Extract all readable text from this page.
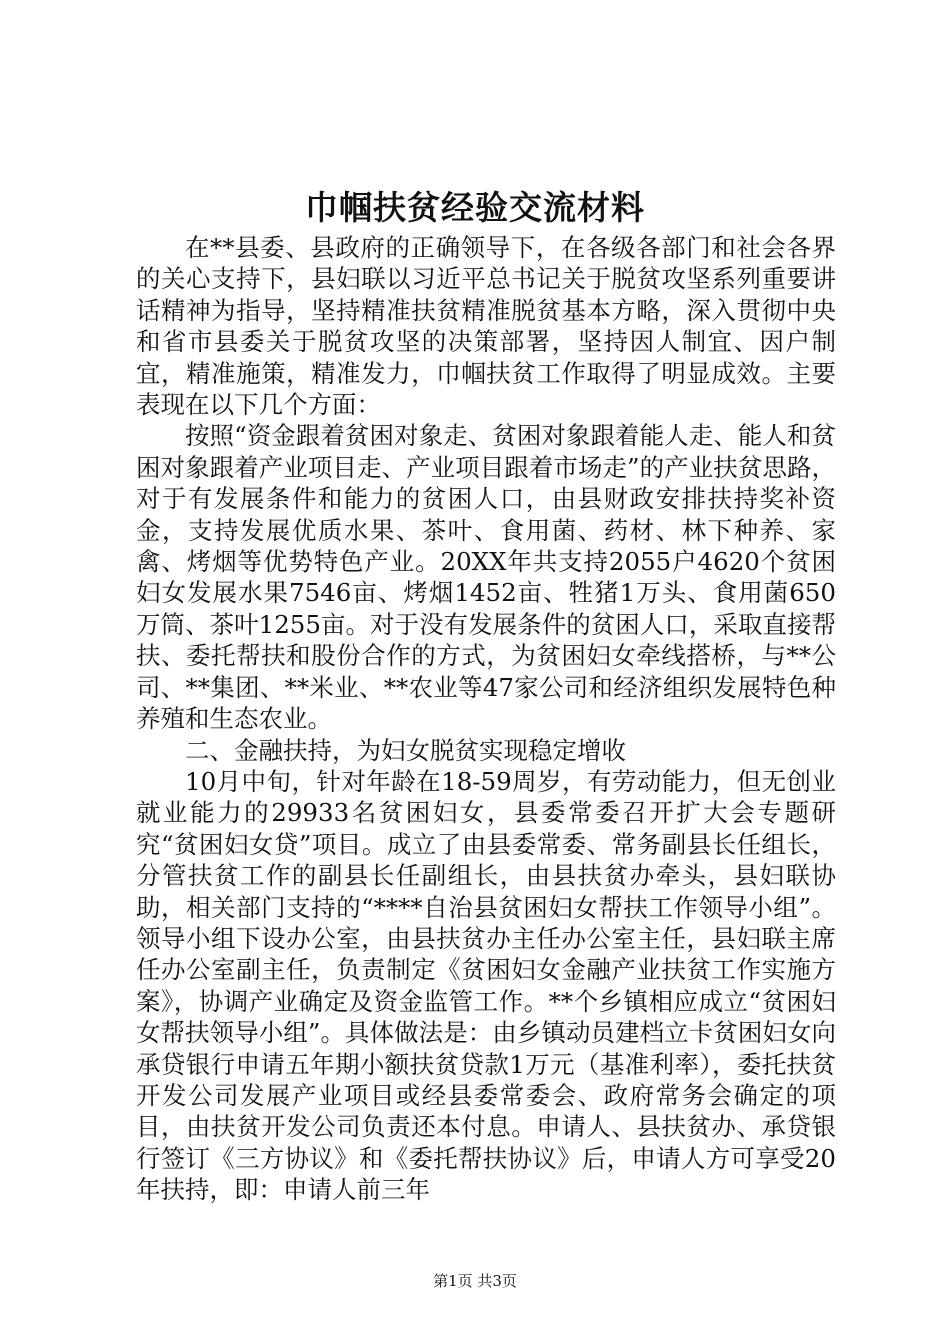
巾帼扶贫经验交流材料

在**县委、县政府的正确领导下，在各级各部门和社会各界的关心支持下，县妇联以习近平总书记关于脱贫攻坚系列重要讲话精神为指导，坚持精准扶贫精准脱贫基本方略，深入贯彻中央和省市县委关于脱贫攻坚的决策部署，坚持因人制宜、因户制宜，精准施策，精准发力，巾帼扶贫工作取得了明显成效。主要表现在以下几个方面：

按照“资金跟着贫困对象走、贫困对象跟着能人走、能人和贫困对象跟着产业项目走、产业项目跟着市场走”的产业扶贫思路，对于有发展条件和能力的贫困人口，由县财政安排扶持奖补资金，支持发展优质水果、茶叶、食用菌、药材、林下种养、家禽、烤烟等优势特色产业。20XX年共支持2055户4620个贫困妇女发展水果7546亩、烤烟1452亩、牲猪1万头、食用菌650万筒、茶叶1255亩。对于没有发展条件的贫困人口，采取直接帮扶、委托帮扶和股份合作的方式，为贫困妇女牵线搭桥，与**公司、**集团、**米业、**农业等47家公司和经济组织发展特色种养殖和生态农业。

二、金融扶持，为妇女脱贫实现稳定增收

10月中旬，针对年龄在18-59周岁，有劳动能力，但无创业就业能力的29933名贫困妇女，县委常委召开扩大会专题研究“贫困妇女贷”项目。成立了由县委常委、常务副县长任组长，分管扶贫工作的副县长任副组长，由县扶贫办牵头，县妇联协助，相关部门支持的“****自治县贫困妇女帮扶工作领导小组”。领导小组下设办公室，由县扶贫办主任办公室主任，县妇联主席任办公室副主任，负责制定《贫困妇女金融产业扶贫工作实施方案》，协调产业确定及资金监管工作。**个乡镇相应成立“贫困妇女帮扶领导小组”。具体做法是：由乡镇动员建档立卡贫困妇女向承贷银行申请五年期小额扶贫贷款1万元（基准利率），委托扶贫开发公司发展产业项目或经县委常委会、政府常务会确定的项目，由扶贫开发公司负责还本付息。申请人、县扶贫办、承贷银行签订《三方协议》和《委托帮扶协议》后，申请人方可享受20年扶持，即：申请人前三年

第1页 共3页
